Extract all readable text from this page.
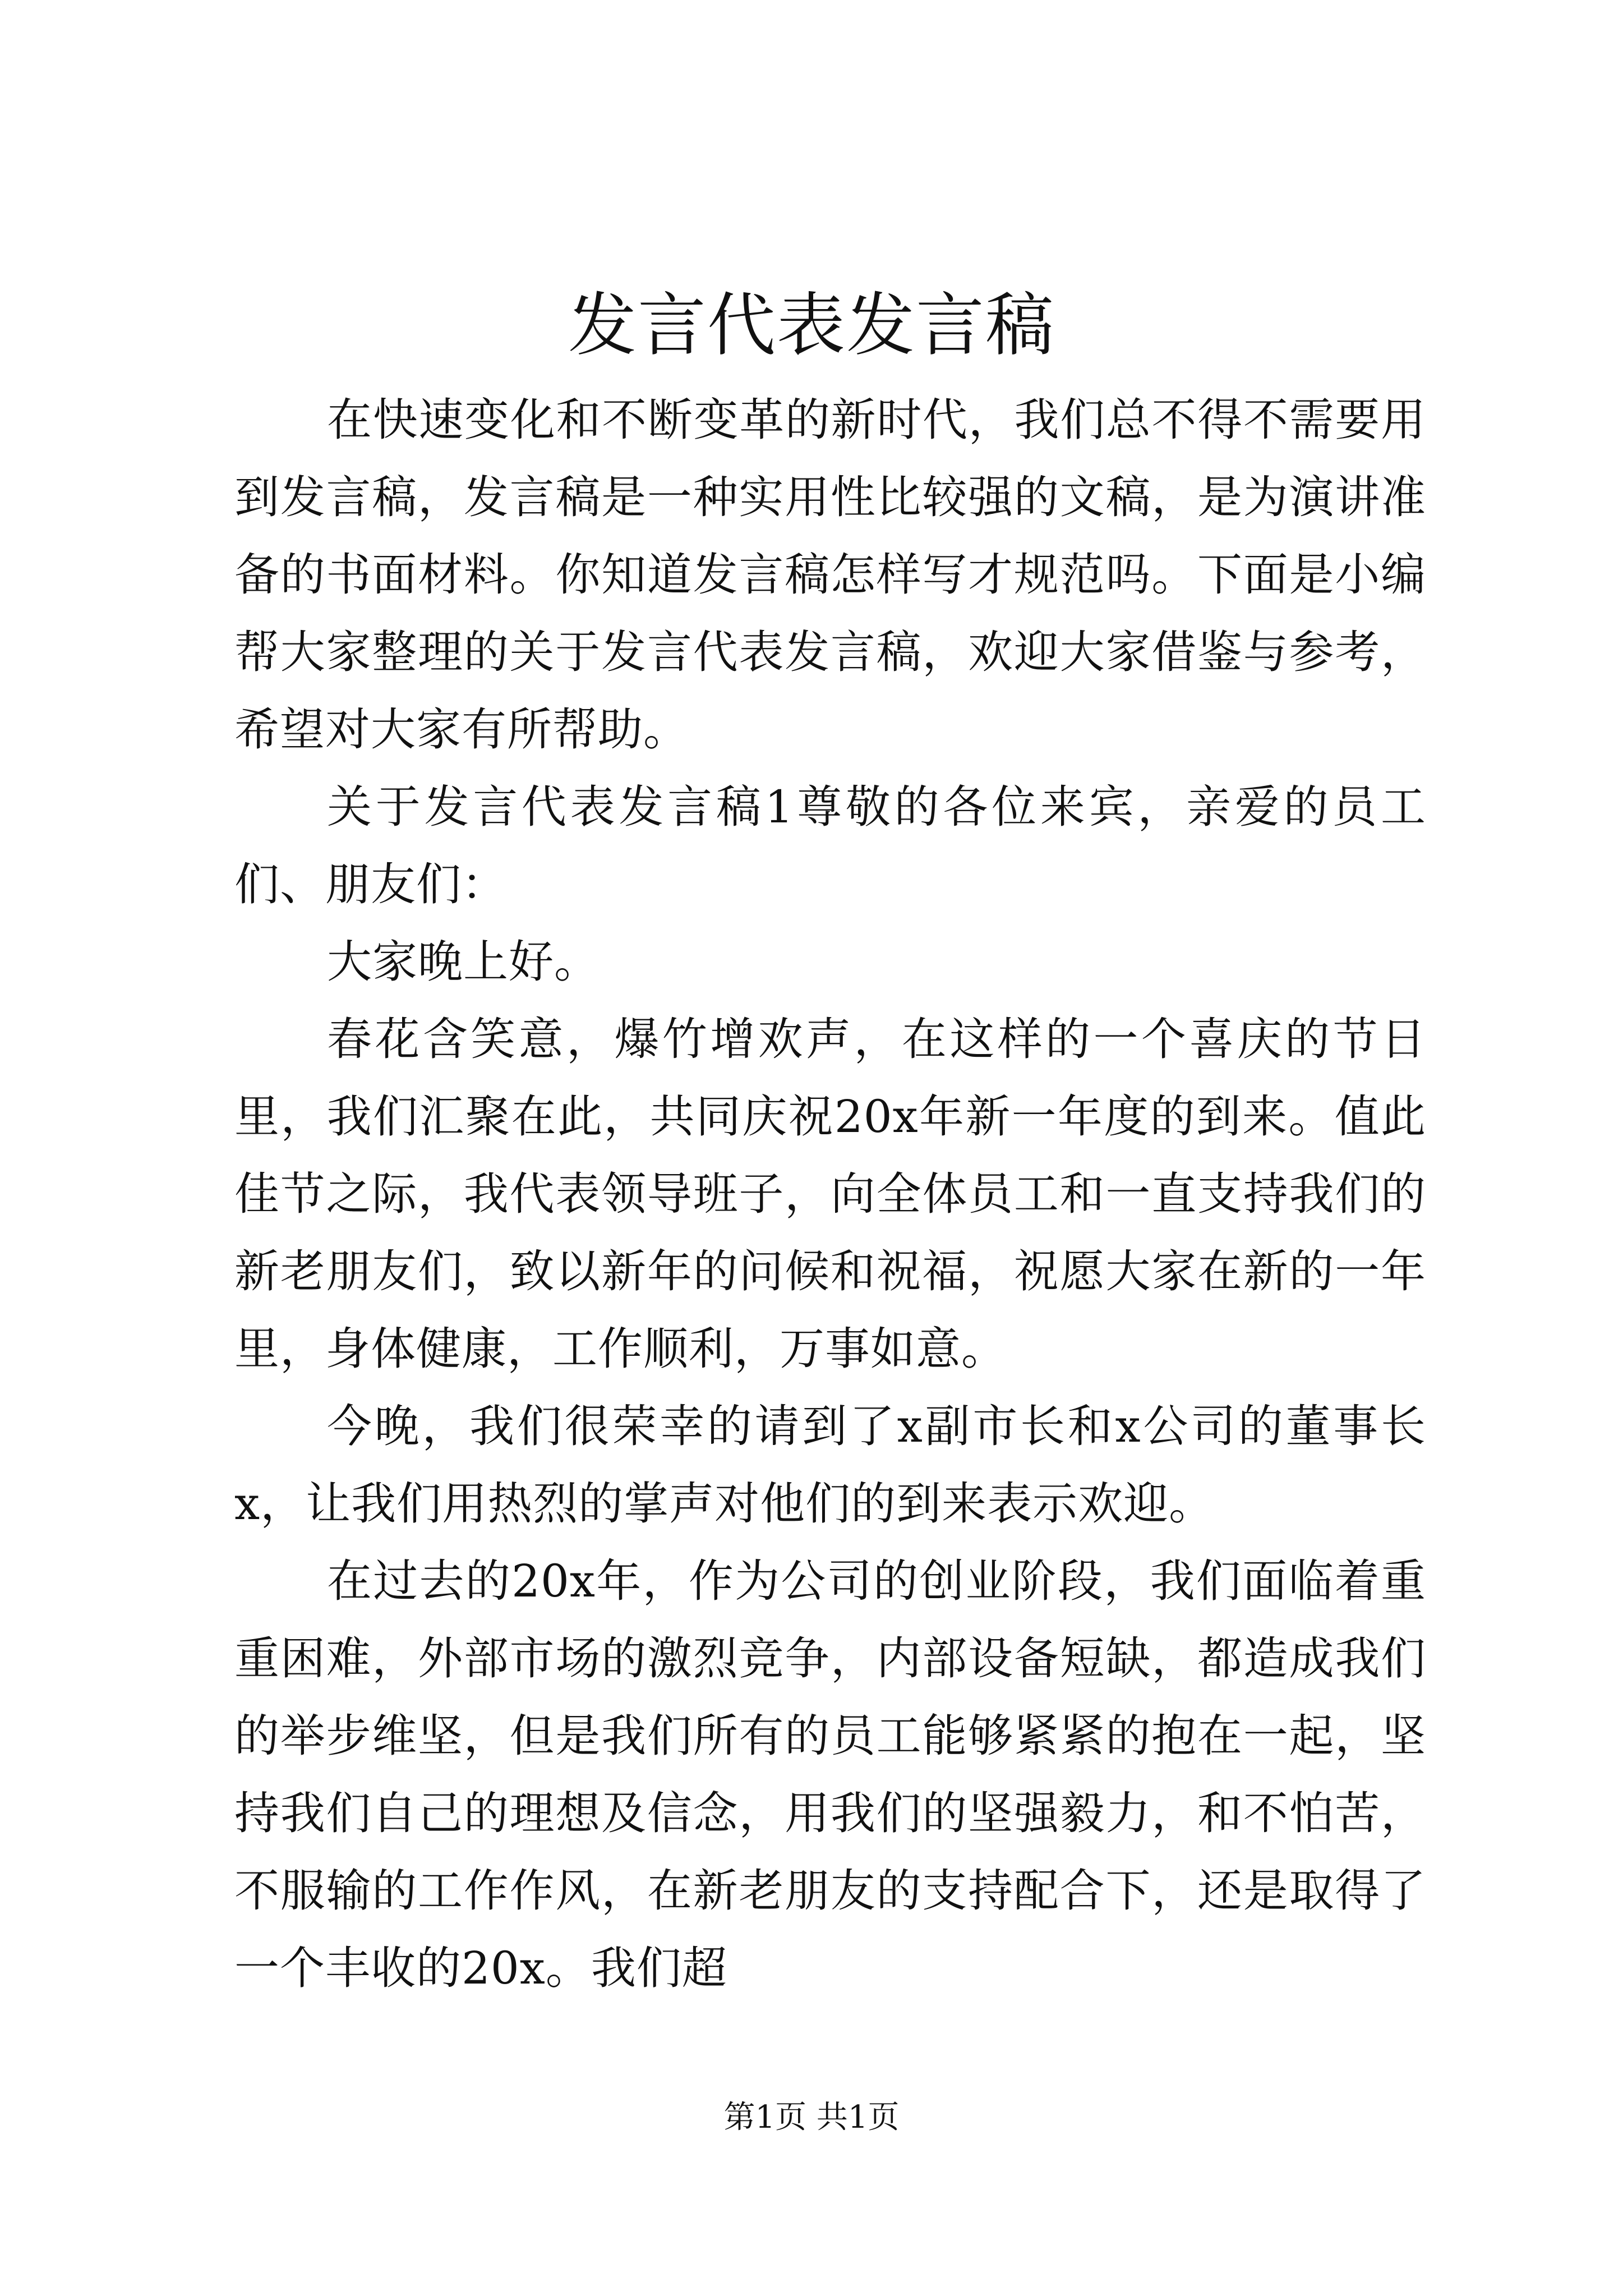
发言代表发言稿

在快速变化和不断变革的新时代，我们总不得不需要用到发言稿，发言稿是一种实用性比较强的文稿，是为演讲准备的书面材料。你知道发言稿怎样写才规范吗。下面是小编帮大家整理的关于发言代表发言稿，欢迎大家借鉴与参考，希望对大家有所帮助。

关于发言代表发言稿1尊敬的各位来宾，亲爱的员工们、朋友们：

大家晚上好。

春花含笑意，爆竹增欢声，在这样的一个喜庆的节日里，我们汇聚在此，共同庆祝20x年新一年度的到来。值此佳节之际，我代表领导班子，向全体员工和一直支持我们的新老朋友们，致以新年的问候和祝福，祝愿大家在新的一年里，身体健康，工作顺利，万事如意。

今晚，我们很荣幸的请到了x副市长和x公司的董事长x，让我们用热烈的掌声对他们的到来表示欢迎。

在过去的20x年，作为公司的创业阶段，我们面临着重重困难，外部市场的激烈竞争，内部设备短缺，都造成我们的举步维坚，但是我们所有的员工能够紧紧的抱在一起，坚持我们自己的理想及信念，用我们的坚强毅力，和不怕苦，不服输的工作作风，在新老朋友的支持配合下，还是取得了一个丰收的20x。我们超

第1页 共1页
